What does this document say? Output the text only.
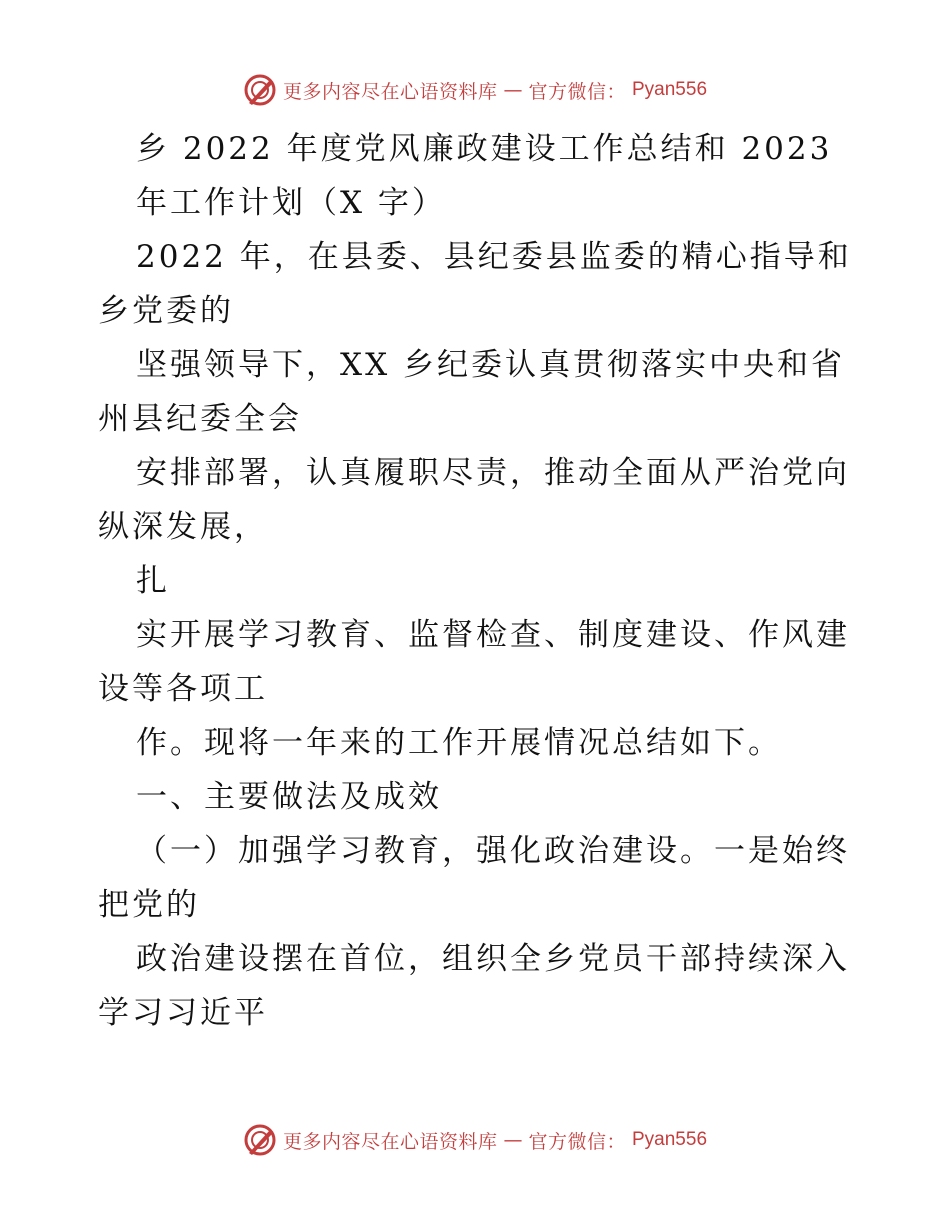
更多内容尽在心语资料库 — 官方微信： Pyan556
乡 2022 年度党风廉政建设工作总结和 2023
年工作计划（X 字）
2022 年，在县委、县纪委县监委的精心指导和
乡党委的
坚强领导下，XX 乡纪委认真贯彻落实中央和省
州县纪委全会
安排部署，认真履职尽责，推动全面从严治党向
纵深发展，
扎
实开展学习教育、监督检查、制度建设、作风建
设等各项工
作。现将一年来的工作开展情况总结如下。
一、主要做法及成效
（一）加强学习教育，强化政治建设。一是始终
把党的
政治建设摆在首位，组织全乡党员干部持续深入
学习习近平
更多内容尽在心语资料库 — 官方微信： Pyan556
